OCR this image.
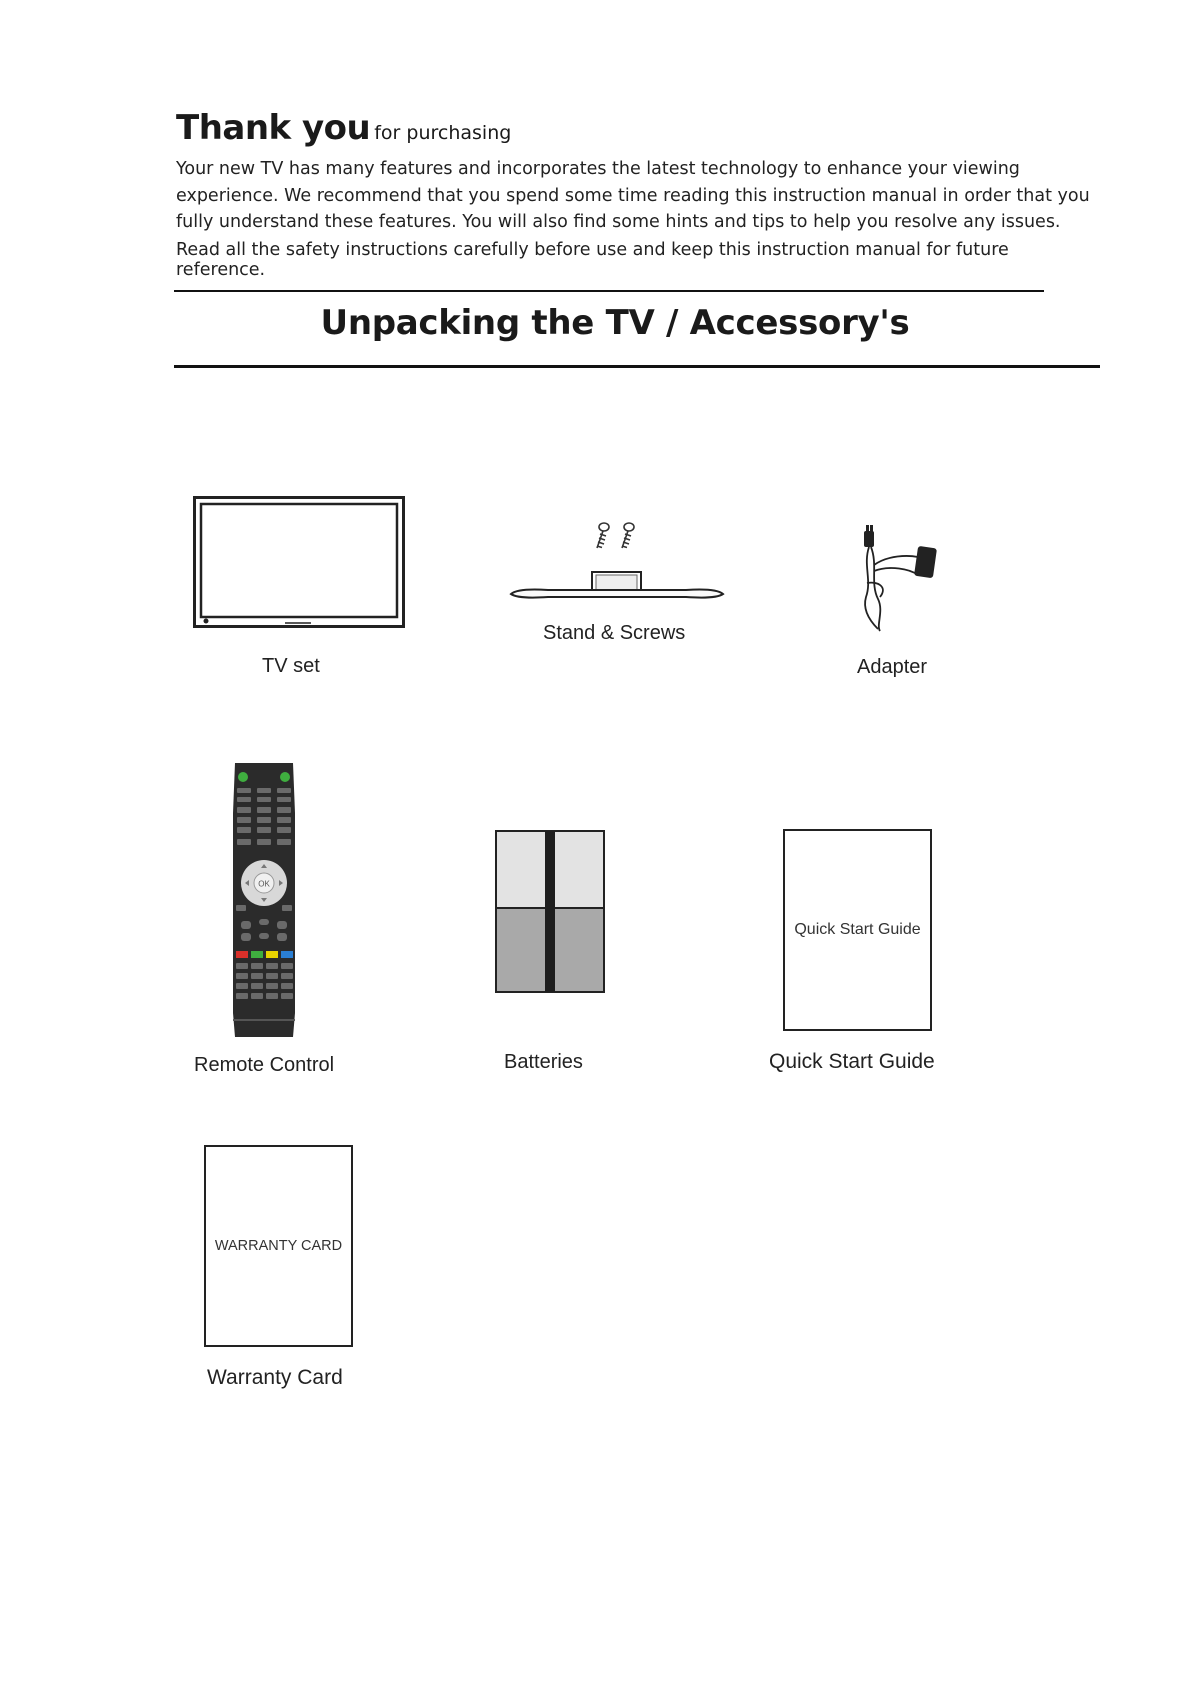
Thank you for purchasing
Your new TV has many features and incorporates the latest technology to enhance your viewing experience. We recommend that you spend some time reading this instruction manual in order that you fully understand these features. You will also find some hints and tips to help you resolve any issues.
Read all the safety instructions carefully before use and keep this instruction manual for future reference.
Unpacking the TV / Accessory's
TV set
Stand & Screws
Adapter
OK
Remote Control	Batteries
Quick Start Guide
Quick Start Guide
WARRANTY CARD
Warranty Card
